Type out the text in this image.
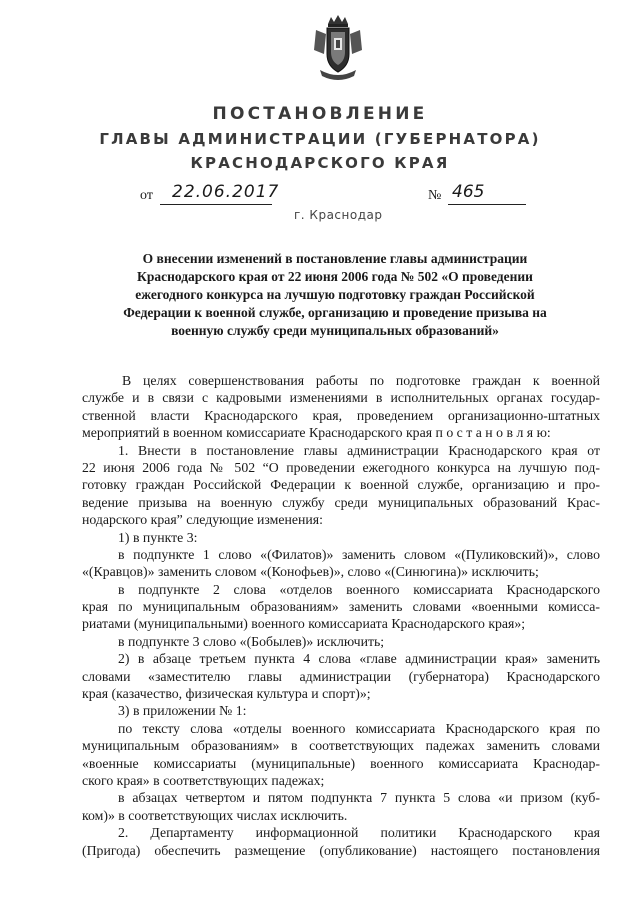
ПОСТАНОВЛЕНИЕ
ГЛАВЫ АДМИНИСТРАЦИИ (ГУБЕРНАТОРА)
КРАСНОДАРСКОГО КРАЯ
от 22.06.2017	№ 465
г. Краснодар
О внесении изменений в постановление главы администрации
Краснодарского края от 22 июня 2006 года № 502 «О проведении
ежегодного конкурса на лучшую подготовку граждан Российской
Федерации к военной службе, организацию и проведение призыва на
военную службу среди муниципальных образований»
В целях совершенствования работы по подготовке граждан к военной
службе и в связи с кадровыми изменениями в исполнительных органах государ-
ственной власти Краснодарского края, проведением организационно-штатных
мероприятий в военном комиссариате Краснодарского края п о с т а н о в л я ю:
1. Внести в постановление главы администрации Краснодарского края от
22 июня 2006 года № 502 “О проведении ежегодного конкурса на лучшую под-
готовку граждан Российской Федерации к военной службе, организацию и про-
ведение призыва на военную службу среди муниципальных образований Крас-
нодарского края” следующие изменения:
1) в пункте 3:
в подпункте 1 слово «(Филатов)» заменить словом «(Пуликовский)», слово
«(Кравцов)» заменить словом «(Конофьев)», слово «(Синюгина)» исключить;
в подпункте 2 слова «отделов военного комиссариата Краснодарского
края по муниципальным образованиям» заменить словами «военными комисса-
риатами (муниципальными) военного комиссариата Краснодарского края»;
в подпункте 3 слово «(Бобылев)» исключить;
2) в абзаце третьем пункта 4 слова «главе администрации края» заменить
словами «заместителю главы администрации (губернатора) Краснодарского
края (казачество, физическая культура и спорт)»;
3) в приложении № 1:
по тексту слова «отделы военного комиссариата Краснодарского края по
муниципальным образованиям» в соответствующих падежах заменить словами
«военные комиссариаты (муниципальные) военного комиссариата Краснодар-
ского края» в соответствующих падежах;
в абзацах четвертом и пятом подпункта 7 пункта 5 слова «и призом (куб-
ком)» в соответствующих числах исключить.
2. Департаменту информационной политики Краснодарского края
(Пригода) обеспечить размещение (опубликование) настоящего постановления
